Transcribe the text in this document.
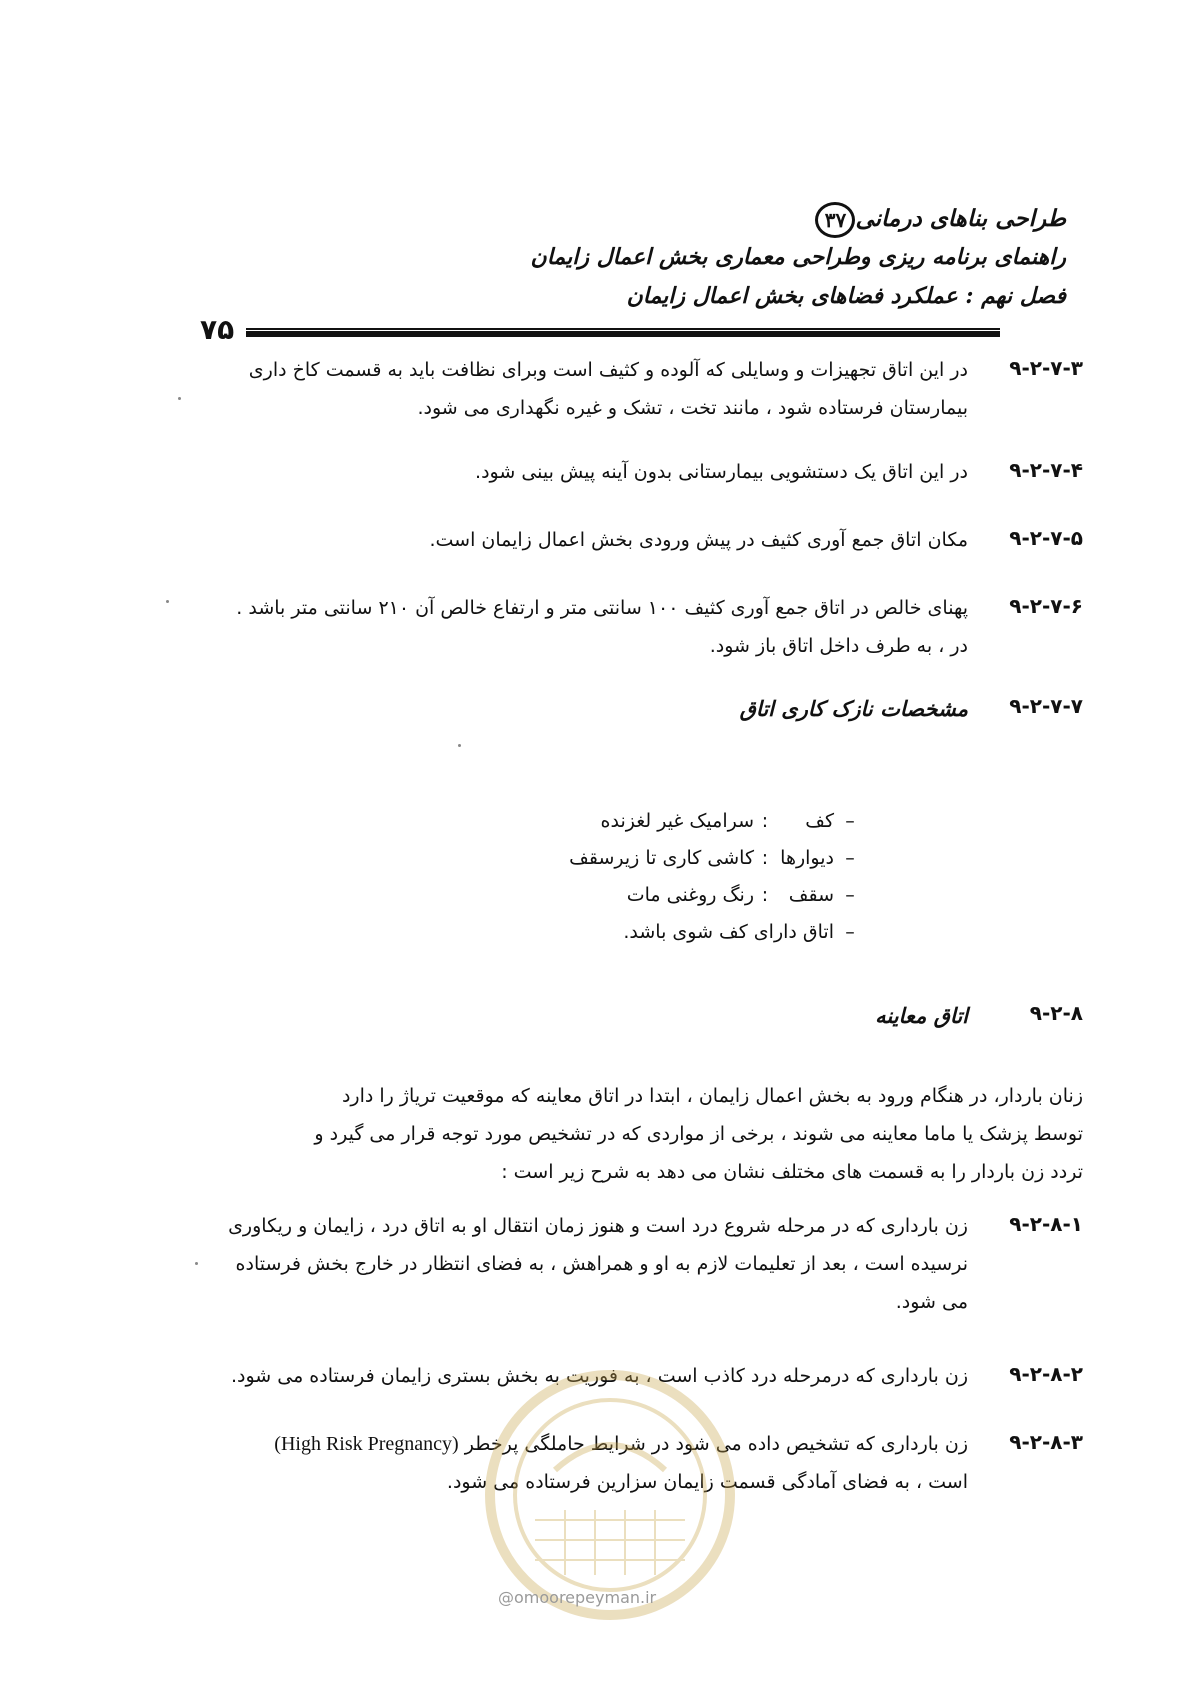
طراحی بناهای درمانی۳۷
راهنمای برنامه ریزی وطراحی معماری بخش اعمال زایمان
فصل نهم : عملکرد فضاهای بخش اعمال زایمان
۷۵
۹-۲-۷-۳
در این اتاق تجهیزات و وسایلی که آلوده و کثیف است وبرای نظافت باید به قسمت کاخ داری
بیمارستان فرستاده شود ، مانند تخت ، تشک و غیره نگهداری می شود.
۹-۲-۷-۴
در این اتاق یک دستشویی بیمارستانی بدون آینه پیش بینی شود.
۹-۲-۷-۵
مکان اتاق جمع آوری کثیف در پیش ورودی بخش اعمال زایمان است.
۹-۲-۷-۶
پهنای خالص در اتاق جمع آوری کثیف ۱۰۰ سانتی متر و ارتفاع خالص آن ۲۱۰ سانتی متر باشد .
در ، به طرف داخل اتاق باز شود.
۹-۲-۷-۷
مشخصات نازک کاری اتاق
–
کف
:
سرامیک غیر لغزنده
–
دیوارها
:
کاشی کاری تا زیرسقف
–
سقف
:
رنگ روغنی مات
–
اتاق دارای کف شوی باشد.
۹-۲-۸
اتاق معاینه
زنان باردار، در هنگام ورود به بخش اعمال زایمان ، ابتدا در اتاق معاینه که موقعیت تریاژ را دارد
توسط پزشک یا ماما معاینه می شوند ، برخی از مواردی که در تشخیص مورد توجه قرار می گیرد و
تردد زن باردار را به قسمت های مختلف نشان می دهد به شرح زیر است :
۹-۲-۸-۱
زن بارداری که در مرحله شروع درد است و هنوز زمان انتقال او به اتاق درد ، زایمان و ریکاوری
نرسیده است ، بعد از تعلیمات لازم به او و همراهش ، به فضای انتظار در خارج بخش فرستاده
می شود.
۹-۲-۸-۲
زن بارداری که درمرحله درد کاذب است ، به فوریت به بخش بستری زایمان فرستاده می شود.
۹-۲-۸-۳
زن بارداری که تشخیص داده می شود در شرایط حاملگی پرخطر (High Risk Pregnancy)
است ، به فضای آمادگی قسمت زایمان سزارین فرستاده می شود.
@omoorepeyman.ir
